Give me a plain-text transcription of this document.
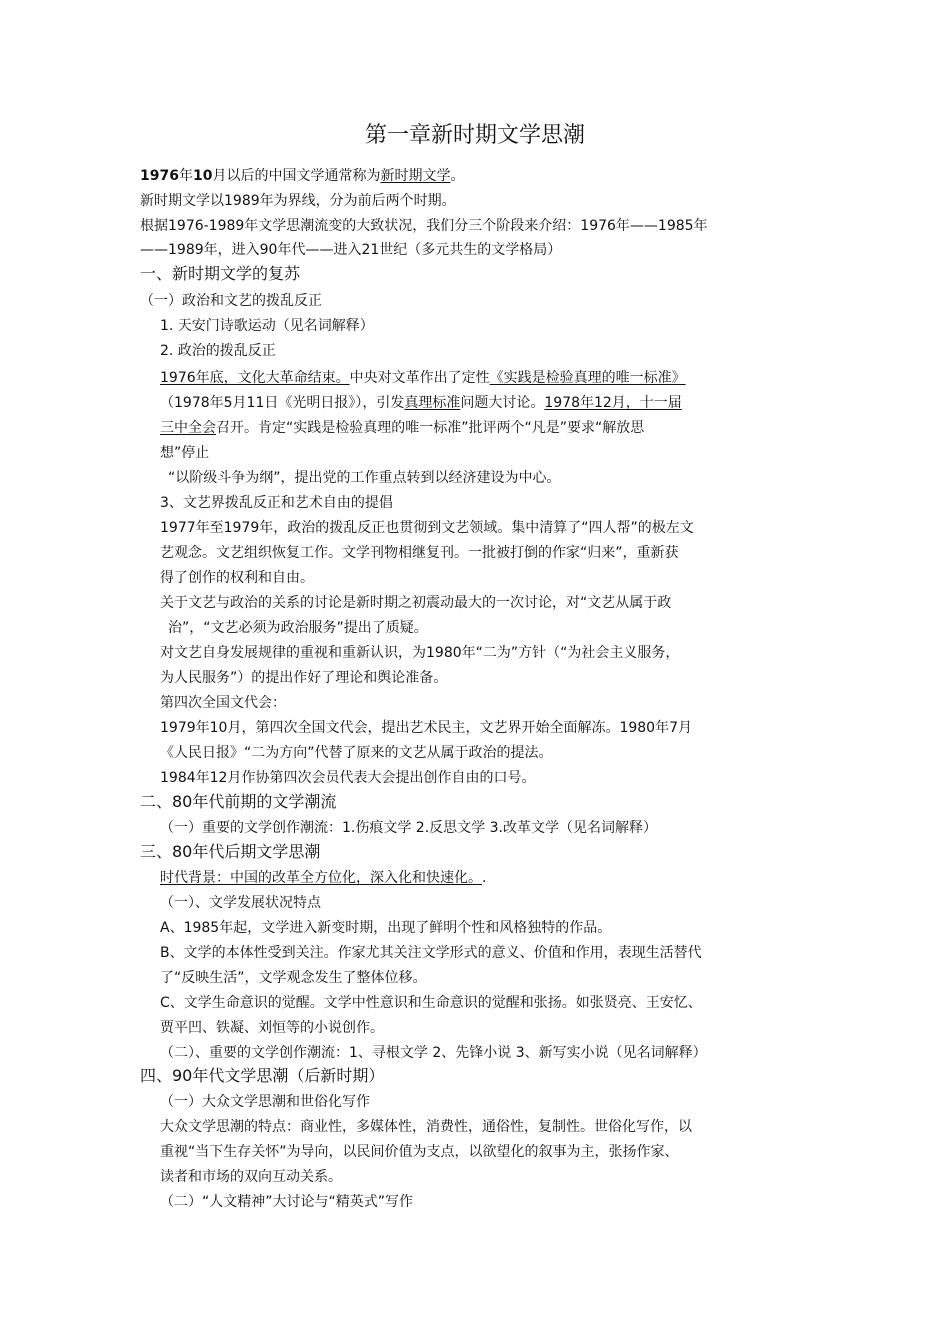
第一章新时期文学思潮
1976年10月以后的中国文学通常称为新时期文学。
新时期文学以1989年为界线，分为前后两个时期。
根据1976-1989年文学思潮流变的大致状况，我们分三个阶段来介绍：1976年——1985年
——1989年，进入90年代——进入21世纪（多元共生的文学格局）
一、新时期文学的复苏
（一）政治和文艺的拨乱反正
1. 天安门诗歌运动（见名词解释）
2. 政治的拨乱反正
1976年底，文化大革命结束。中央对文革作出了定性《实践是检验真理的唯一标准》
（1978年5月11日《光明日报》），引发真理标准问题大讨论。1978年12月，十一届
三中全会召开。肯定“实践是检验真理的唯一标准”批评两个“凡是”要求“解放思
想”停止
“以阶级斗争为纲”，提出党的工作重点转到以经济建设为中心。
3、文艺界拨乱反正和艺术自由的提倡
1977年至1979年，政治的拨乱反正也贯彻到文艺领域。集中清算了“四人帮”的极左文
艺观念。文艺组织恢复工作。文学刊物相继复刊。一批被打倒的作家“归来”，重新获
得了创作的权利和自由。
关于文艺与政治的关系的讨论是新时期之初震动最大的一次讨论，对“文艺从属于政
治”，“文艺必须为政治服务”提出了质疑。
对文艺自身发展规律的重视和重新认识，为1980年“二为”方针（“为社会主义服务，
为人民服务”）的提出作好了理论和舆论准备。
第四次全国文代会：
1979年10月，第四次全国文代会，提出艺术民主，文艺界开始全面解冻。1980年7月
《人民日报》“二为方向”代替了原来的文艺从属于政治的提法。
1984年12月作协第四次会员代表大会提出创作自由的口号。
二、80年代前期的文学潮流
（一）重要的文学创作潮流：1.伤痕文学 2.反思文学 3.改革文学（见名词解释）
三、80年代后期文学思潮
时代背景：中国的改革全方位化，深入化和快速化。.
（一）、文学发展状况特点
A、1985年起，文学进入新变时期，出现了鲜明个性和风格独特的作品。
B、文学的本体性受到关注。作家尤其关注文学形式的意义、价值和作用，表现生活替代
了“反映生活”，文学观念发生了整体位移。
C、文学生命意识的觉醒。文学中性意识和生命意识的觉醒和张扬。如张贤亮、王安忆、
贾平凹、铁凝、刘恒等的小说创作。
（二）、重要的文学创作潮流：1、寻根文学 2、先锋小说 3、新写实小说（见名词解释）
四、90年代文学思潮（后新时期）
（一）大众文学思潮和世俗化写作
大众文学思潮的特点：商业性，多媒体性，消费性，通俗性，复制性。世俗化写作，以
重视“当下生存关怀”为导向，以民间价值为支点，以欲望化的叙事为主，张扬作家、
读者和市场的双向互动关系。
（二）“人文精神”大讨论与“精英式”写作
